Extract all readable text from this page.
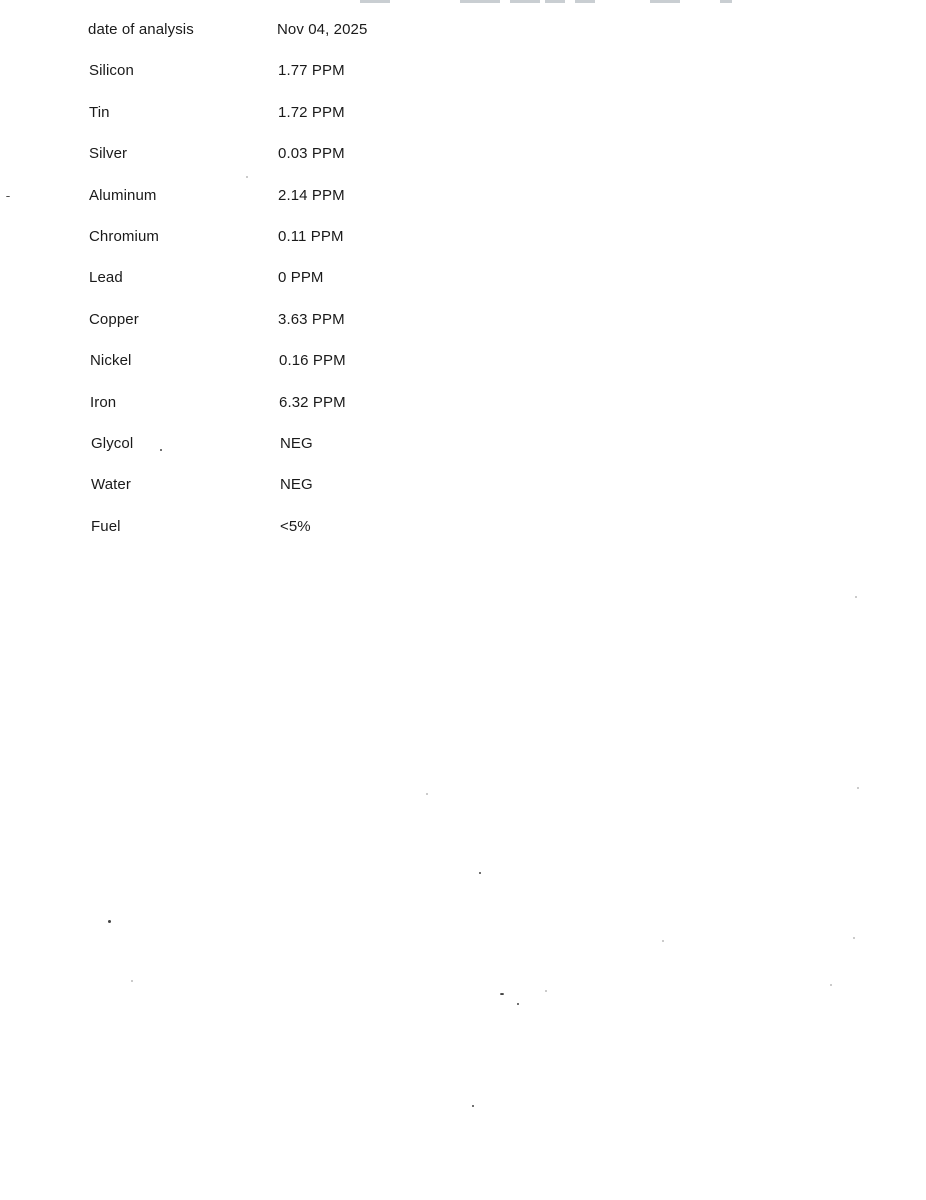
date of analysis	Nov 04, 2025
Silicon	1.77 PPM
Tin	1.72 PPM
Silver	0.03 PPM
Aluminum	2.14 PPM
Chromium	0.11 PPM
Lead	0 PPM
Copper	3.63 PPM
Nickel	0.16 PPM
Iron	6.32 PPM
Glycol	NEG
Water	NEG
Fuel	<5%
